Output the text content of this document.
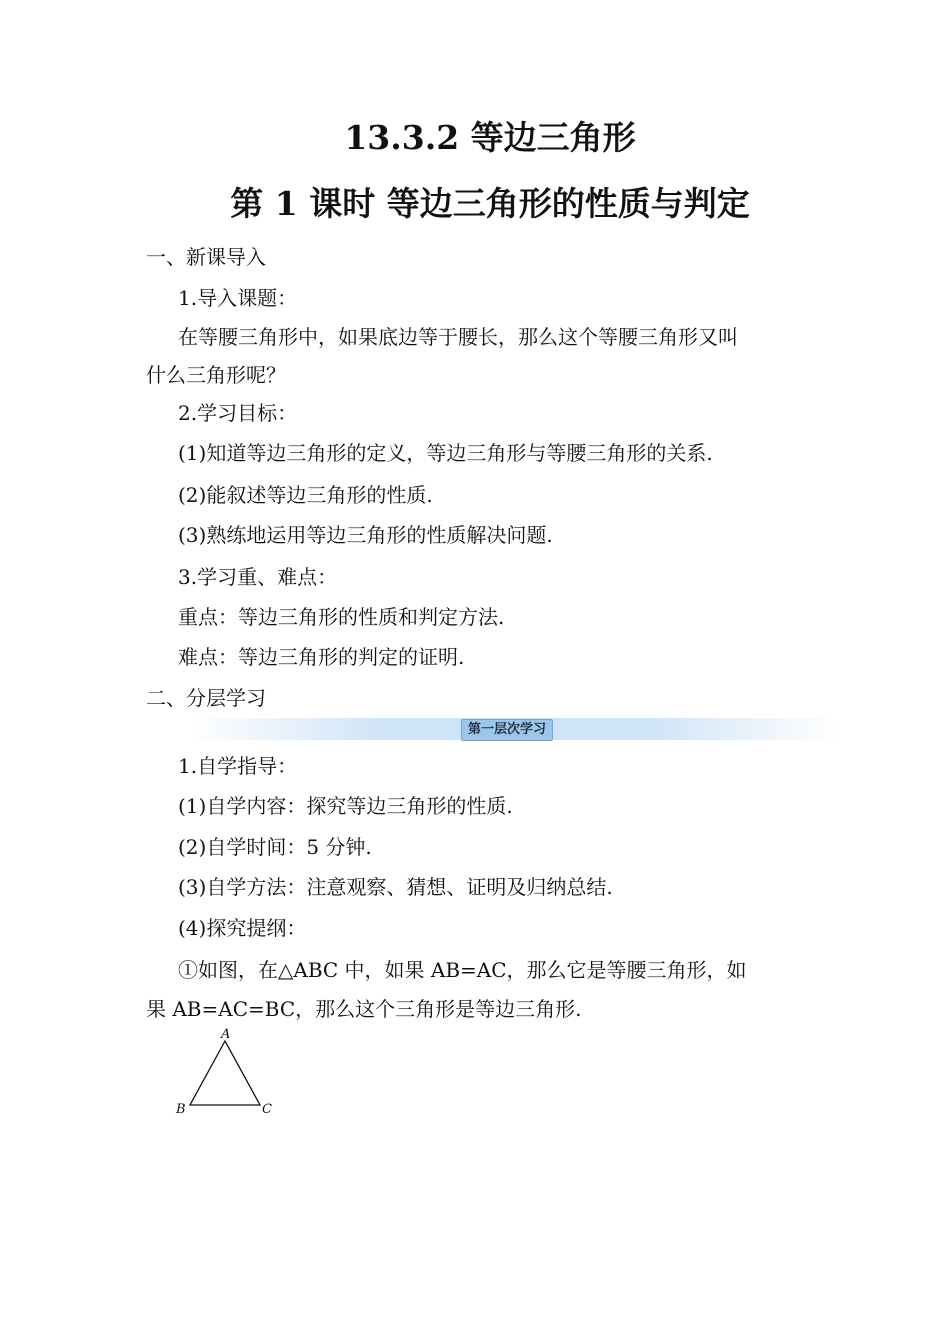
13.3.2 等边三角形
第 1 课时 等边三角形的性质与判定
一、新课导入
1.导入课题：
在等腰三角形中，如果底边等于腰长，那么这个等腰三角形又叫
什么三角形呢？
2.学习目标：
(1)知道等边三角形的定义，等边三角形与等腰三角形的关系.
(2)能叙述等边三角形的性质.
(3)熟练地运用等边三角形的性质解决问题.
3.学习重、难点：
重点：等边三角形的性质和判定方法.
难点：等边三角形的判定的证明.
二、分层学习
第一层次学习
1.自学指导：
(1)自学内容：探究等边三角形的性质.
(2)自学时间：5 分钟.
(3)自学方法：注意观察、猜想、证明及归纳总结.
(4)探究提纲：
①如图，在△ABC 中，如果 AB=AC，那么它是等腰三角形，如
果 AB=AC=BC，那么这个三角形是等边三角形.
A
B	C
